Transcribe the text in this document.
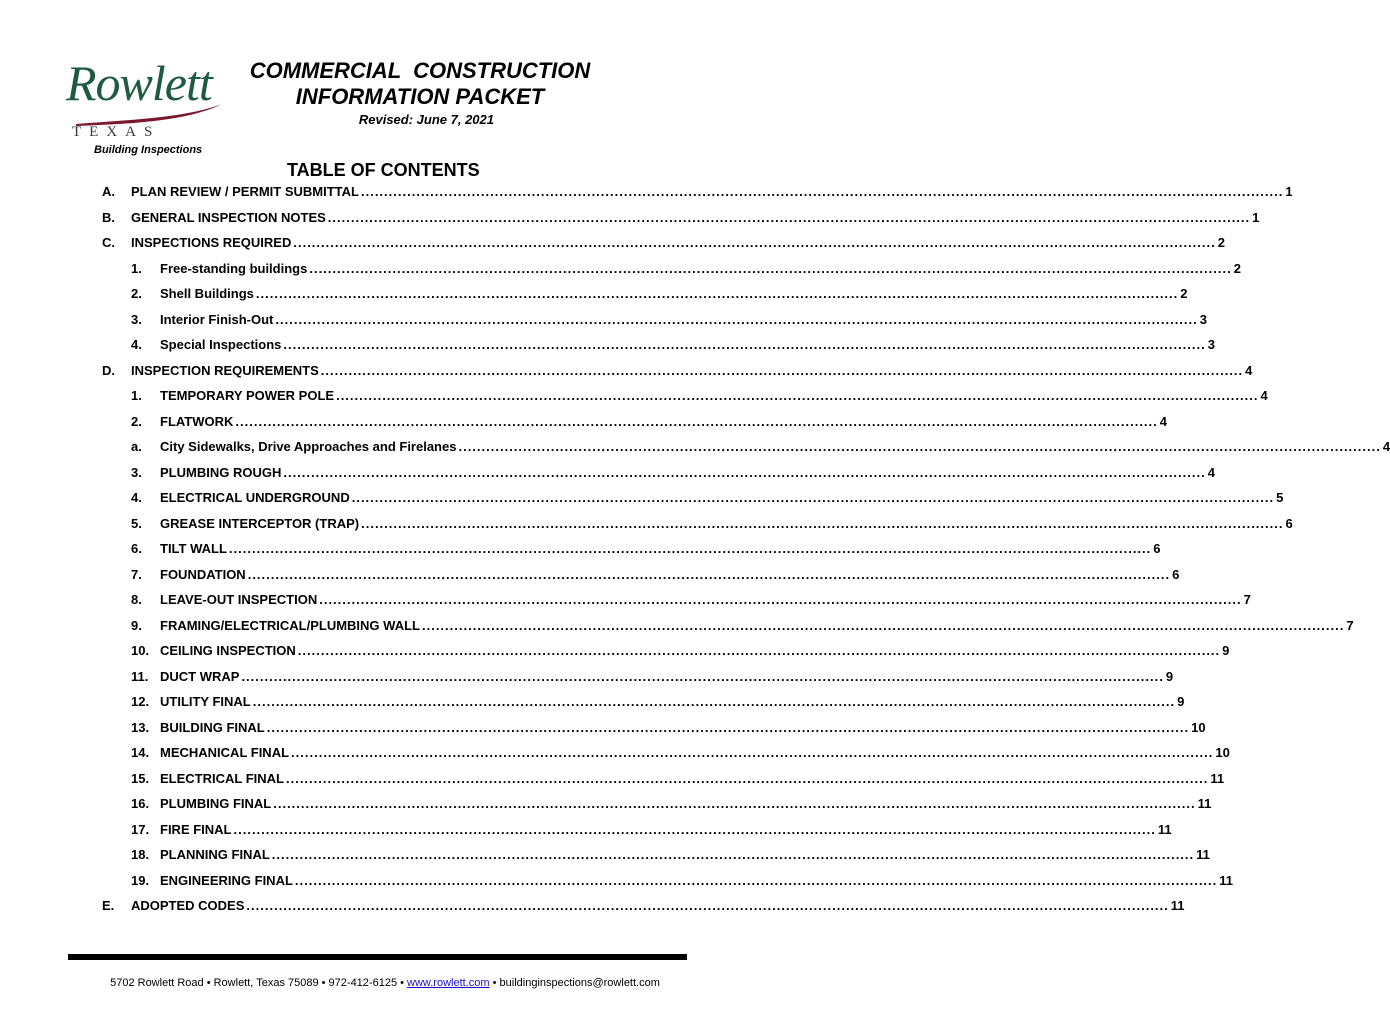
Rowlett
TEXAS
Building Inspections
COMMERCIAL  CONSTRUCTION
INFORMATION PACKET
Revised: June 7, 2021
TABLE OF CONTENTS
A. PLAN REVIEW / PERMIT SUBMITTAL ........................................................................................................................................................................................................ 1
B. GENERAL INSPECTION NOTES ........................................................................................................................................................................................................ 1
C. INSPECTIONS REQUIRED ........................................................................................................................................................................................................ 2
1. Free-standing buildings ........................................................................................................................................................................................................ 2
2. Shell Buildings ........................................................................................................................................................................................................ 2
3. Interior Finish-Out ........................................................................................................................................................................................................ 3
4. Special Inspections ........................................................................................................................................................................................................ 3
D. INSPECTION REQUIREMENTS ........................................................................................................................................................................................................ 4
1. TEMPORARY POWER POLE ........................................................................................................................................................................................................ 4
2. FLATWORK ........................................................................................................................................................................................................ 4
a. City Sidewalks, Drive Approaches and Firelanes ........................................................................................................................................................................................................ 4
3. PLUMBING ROUGH ........................................................................................................................................................................................................ 4
4. ELECTRICAL UNDERGROUND ........................................................................................................................................................................................................ 5
5. GREASE INTERCEPTOR (TRAP) ........................................................................................................................................................................................................ 6
6. TILT WALL ........................................................................................................................................................................................................ 6
7. FOUNDATION ........................................................................................................................................................................................................ 6
8. LEAVE-OUT INSPECTION ........................................................................................................................................................................................................ 7
9. FRAMING/ELECTRICAL/PLUMBING WALL ........................................................................................................................................................................................................ 7
10. CEILING INSPECTION ........................................................................................................................................................................................................ 9
11. DUCT WRAP ........................................................................................................................................................................................................ 9
12. UTILITY FINAL ........................................................................................................................................................................................................ 9
13. BUILDING FINAL ........................................................................................................................................................................................................ 10
14. MECHANICAL FINAL ........................................................................................................................................................................................................ 10
15. ELECTRICAL FINAL ........................................................................................................................................................................................................ 11
16. PLUMBING FINAL ........................................................................................................................................................................................................ 11
17. FIRE FINAL ........................................................................................................................................................................................................ 11
18. PLANNING FINAL ........................................................................................................................................................................................................ 11
19. ENGINEERING FINAL ........................................................................................................................................................................................................ 11
E. ADOPTED CODES ........................................................................................................................................................................................................ 11
5702 Rowlett Road • Rowlett, Texas 75089 • 972-412-6125 • www.rowlett.com • buildinginspections@rowlett.com
